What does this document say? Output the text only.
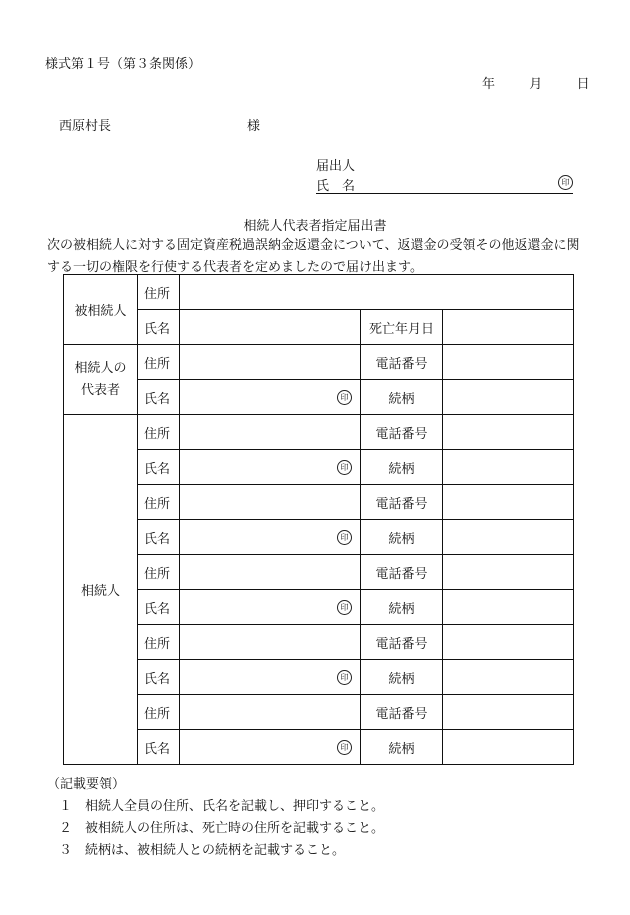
様式第１号（第３条関係）
年	月	日
西原村長	様
届出人
氏　名	印
相続人代表者指定届出書
次の被相続人に対する固定資産税過誤納金返還金について、返還金の受領その他返還金に関する一切の権限を行使する代表者を定めましたので届け出ます。
被相続人	住所			
	氏名		死亡年月日	
相続人の
代表者	住所		電話番号	
	氏名	印	続柄	
相続人	住所		電話番号	
	氏名	印	続柄	
	住所		電話番号	
	氏名	印	続柄	
	住所		電話番号	
	氏名	印	続柄	
	住所		電話番号	
	氏名	印	続柄	
	住所		電話番号	
	氏名	印	続柄	
（記載要領）
１　相続人全員の住所、氏名を記載し、押印すること。
２　被相続人の住所は、死亡時の住所を記載すること。
３　続柄は、被相続人との続柄を記載すること。
